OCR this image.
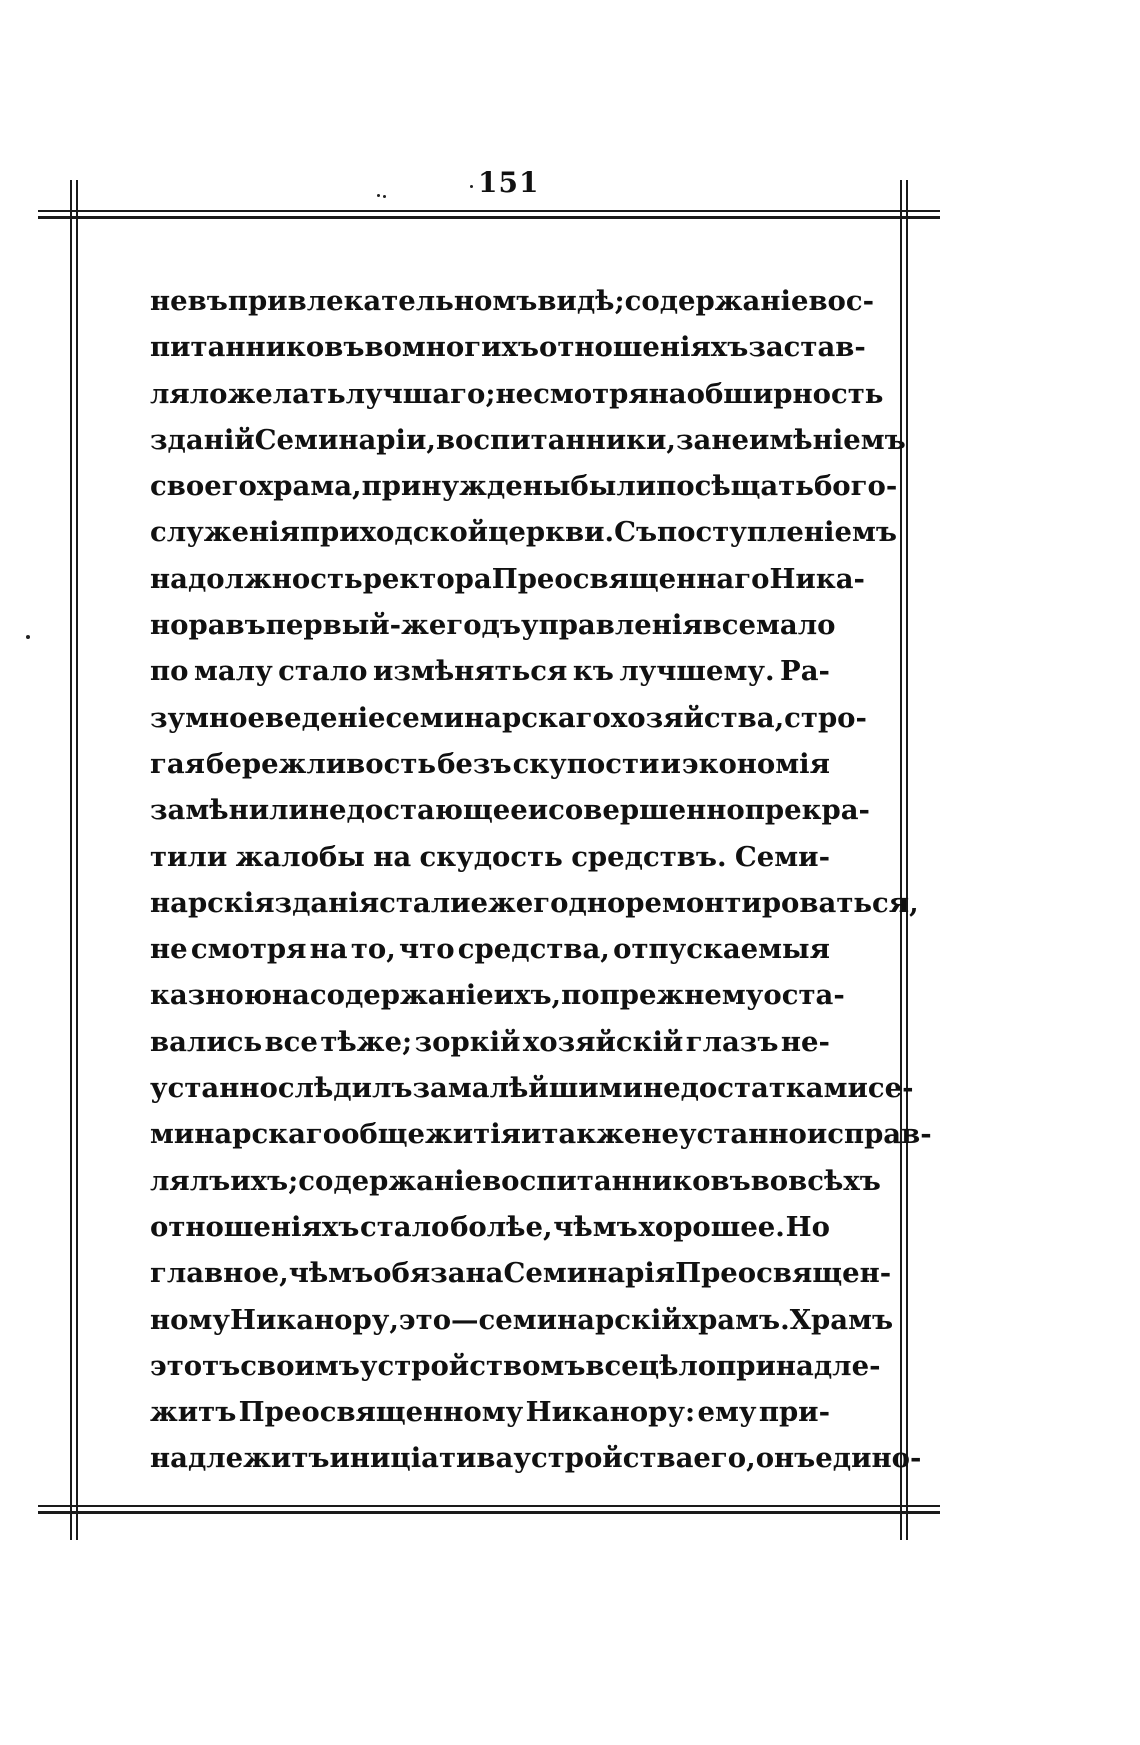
151
не въ привлекательномъ видѣ; содержаніе вос-
питанниковъ во многихъ отношеніяхъ застав-
ляло желать лучшаго; не смотря на обширность
зданій Семинаріи, воспитанники, за неимѣніемъ
своего храма, принуждены были посѣщать бого-
служенія приходской церкви. Съ поступленіемъ
на должность ректора Преосвященнаго Ника-
нора въ первый-же годъ управленія все мало
по малу стало измѣняться къ лучшему. Ра-
зумное веденіе семинарскаго хозяйства, стро-
гая бережливость безъ скупости и экономія
замѣнили недостающее и совершенно прекра-
тили жалобы на скудость средствъ. Семи-
нарскія зданія стали ежегодно ремонтироваться,
не смотря на то, что средства, отпускаемыя
казною на содержаніе ихъ, по прежнему оста-
вались все тѣже; зоркій хозяйскій глазъ не-
устанно слѣдилъ за малѣйшими недостатками се-
минарскаго общежитія и также неустанно исправ-
лялъ ихъ; содержаніе воспитанниковъ во всѣхъ
отношеніяхъ стало болѣе, чѣмъ хорошее. Но
главное, чѣмъ обязана Семинарія Преосвящен-
ному Никанору, это—семинарскій храмъ. Храмъ
этотъ своимъ устройствомъ всецѣло принадле-
житъ Преосвященному Никанору: ему при-
надлежитъ иниціатива устройства его, онъ едино-
